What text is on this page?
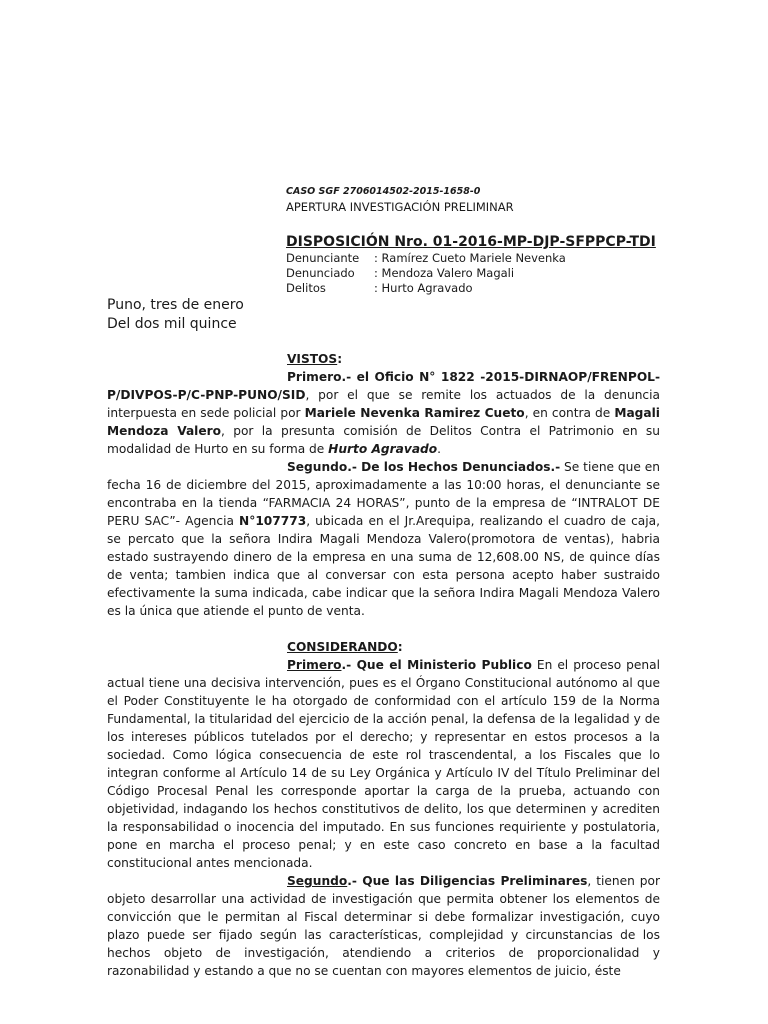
CASO SGF 2706014502-2015-1658-0
APERTURA INVESTIGACIÓN PRELIMINAR
DISPOSICIÓN Nro. 01-2016-MP-DJP-SFPPCP-TDI
Denunciante	: Ramírez Cueto Mariele Nevenka
Denunciado	: Mendoza Valero Magali
Delitos	: Hurto Agravado
Puno, tres de enero
Del dos mil quince

VISTOS:

Primero.- el Oficio N° 1822 -2015-DIRNAOP/FRENPOL-P/DIVPOS-P/C-PNP-PUNO/SID, por el que se remite los actuados de la denuncia interpuesta en sede policial por Mariele Nevenka Ramirez Cueto, en contra de Magali Mendoza Valero, por la presunta comisión de Delitos Contra el Patrimonio en su modalidad de Hurto en su forma de Hurto Agravado.

Segundo.- De los Hechos Denunciados.- Se tiene que en fecha 16 de diciembre del 2015, aproximadamente a las 10:00 horas, el denunciante se encontraba en la tienda “FARMACIA 24 HORAS”, punto de la empresa de “INTRALOT DE PERU SAC”- Agencia N°107773, ubicada en el Jr.Arequipa, realizando el cuadro de caja, se percato que la señora Indira Magali Mendoza Valero(promotora de ventas), habria estado sustrayendo dinero de la empresa en una suma de 12,608.00 NS, de quince días de venta; tambien indica que al conversar con esta persona acepto haber sustraido efectivamente la suma indicada, cabe indicar que la señora Indira Magali Mendoza Valero es la única que atiende el punto de venta.

CONSIDERANDO:

Primero.- Que el Ministerio Publico En el proceso penal actual tiene una decisiva intervención, pues es el Órgano Constitucional autónomo al que el Poder Constituyente le ha otorgado de conformidad con el artículo 159 de la Norma Fundamental, la titularidad del ejercicio de la acción penal, la defensa de la legalidad y de los intereses públicos tutelados por el derecho; y representar en estos procesos a la sociedad. Como lógica consecuencia de este rol trascendental, a los Fiscales que lo integran conforme al Artículo 14 de su Ley Orgánica y Artículo IV del Título Preliminar del Código Procesal Penal les corresponde aportar la carga de la prueba, actuando con objetividad, indagando los hechos constitutivos de delito, los que determinen y acrediten la responsabilidad o inocencia del imputado. En sus funciones requiriente y postulatoria, pone en marcha el proceso penal; y en este caso concreto en base a la facultad constitucional antes mencionada.

Segundo.- Que las Diligencias Preliminares, tienen por objeto desarrollar una actividad de investigación que permita obtener los elementos de convicción que le permitan al Fiscal determinar si debe formalizar investigación, cuyo plazo puede ser fijado según las características, complejidad y circunstancias de los hechos objeto de investigación, atendiendo a criterios de proporcionalidad y razonabilidad y estando a que no se cuentan con mayores elementos de juicio, éste
